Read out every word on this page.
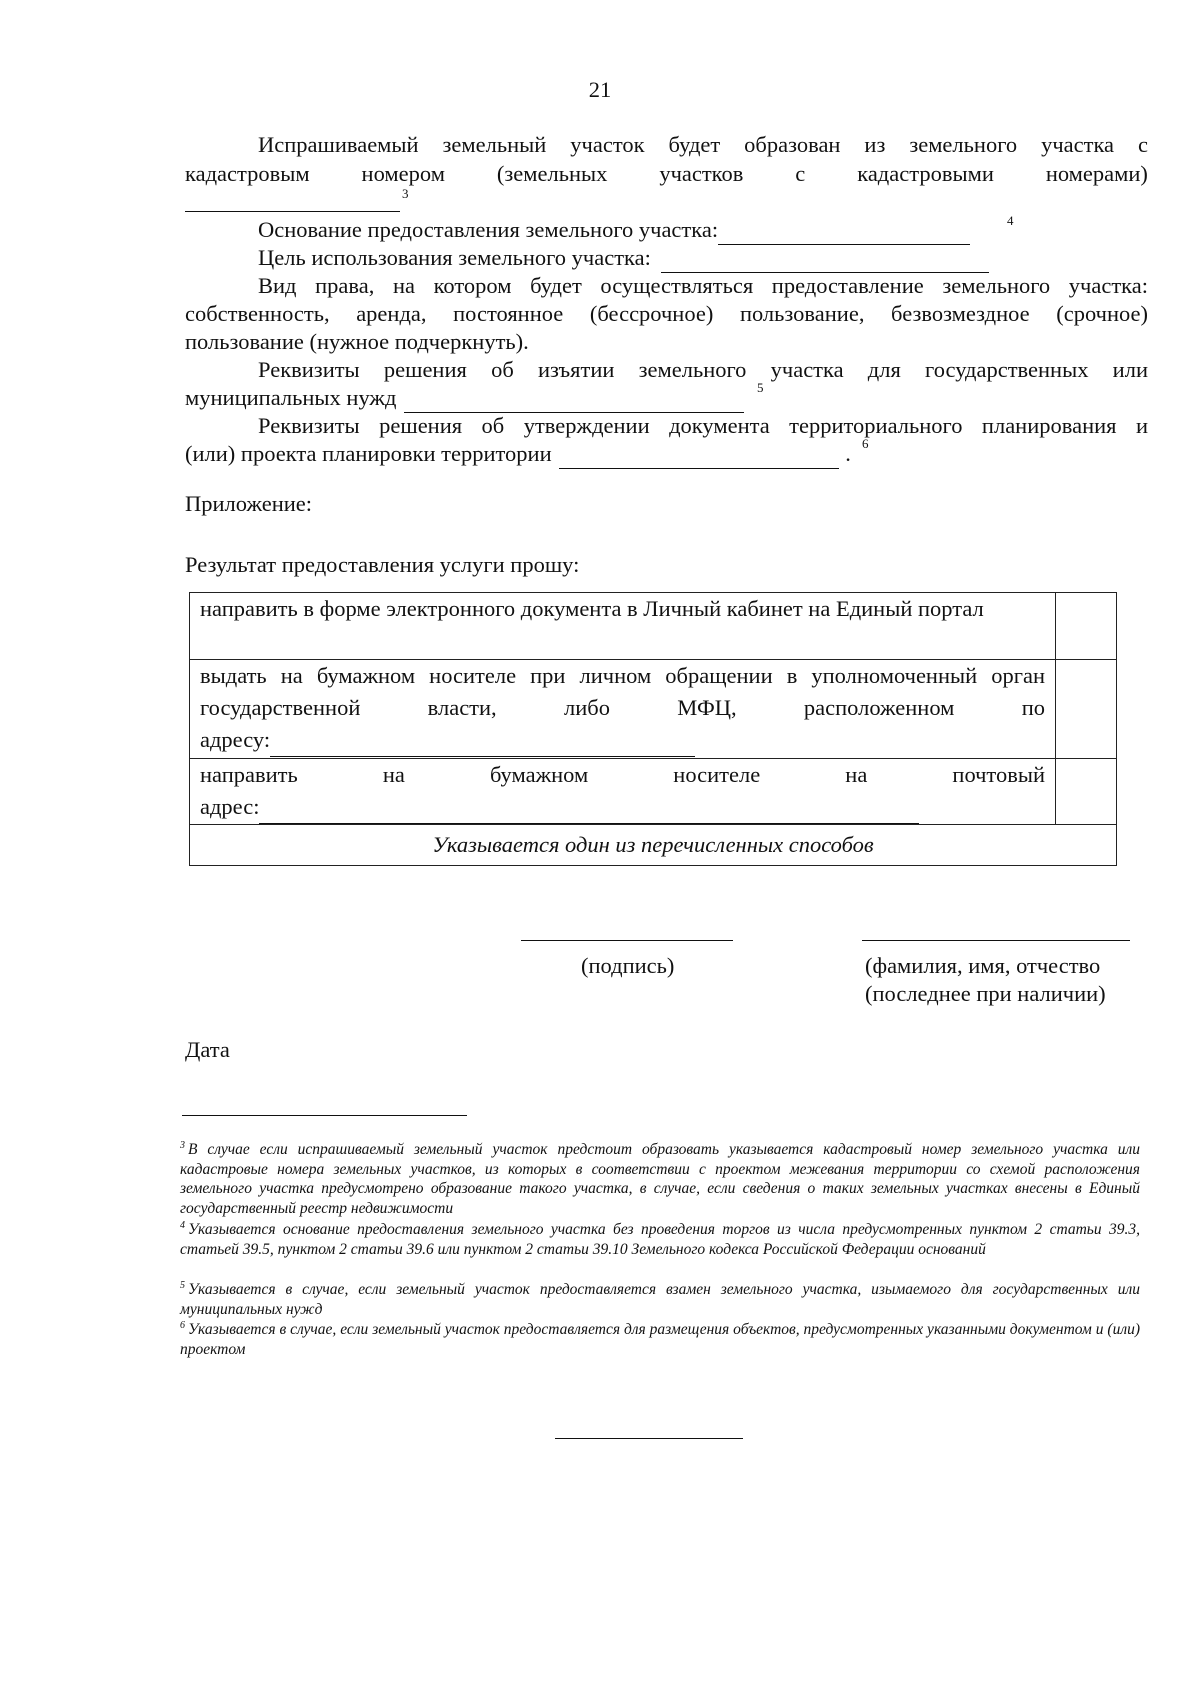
21
Испрашиваемый земельный участок будет образован из земельного участка с
кадастровым номером (земельных участков с кадастровыми номерами)
3
Основание предоставления земельного участка:	4
Цель использования земельного участка:
Вид права, на котором будет осуществляться предоставление земельного участка:
собственность, аренда, постоянное (бессрочное) пользование, безвозмездное (срочное)
пользование (нужное подчеркнуть).
Реквизиты решения об изъятии земельного участка для государственных или
муниципальных нужд	5
Реквизиты решения об утверждении документа территориального планирования и
(или) проекта планировки территории	. 6
Приложение:
Результат предоставления услуги прошу:
направить в форме электронного документа в Личный кабинет на Единый портал	

выдать на бумажном носителе при личном обращении в уполномоченный орган государственной власти, либо МФЦ, расположенном по
адресу:	

направить на бумажном носителе на почтовый
адрес:	

Указывается один из перечисленных способов	
(подпись)	(фамилия, имя, отчество
(последнее при наличии)
Дата
$^3$ В случае если испрашиваемый земельный участок предстоит образовать указывается кадастровый номер земельного участка или кадастровые номера земельных участков, из которых в соответствии с проектом межевания территории со схемой расположения земельного участка предусмотрено образование такого участка, в случае, если сведения о таких земельных участках внесены в Единый государственный реестр недвижимости
$^4$ Указывается основание предоставления земельного участка без проведения торгов из числа предусмотренных пунктом 2 статьи 39.3, статьей 39.5, пунктом 2 статьи 39.6 или пунктом 2 статьи 39.10 Земельного кодекса Российской Федерации оснований
$^5$ Указывается в случае, если земельный участок предоставляется взамен земельного участка, изымаемого для государственных или муниципальных нужд
$^6$ Указывается в случае, если земельный участок предоставляется для размещения объектов, предусмотренных указанными документом и (или) проектом
